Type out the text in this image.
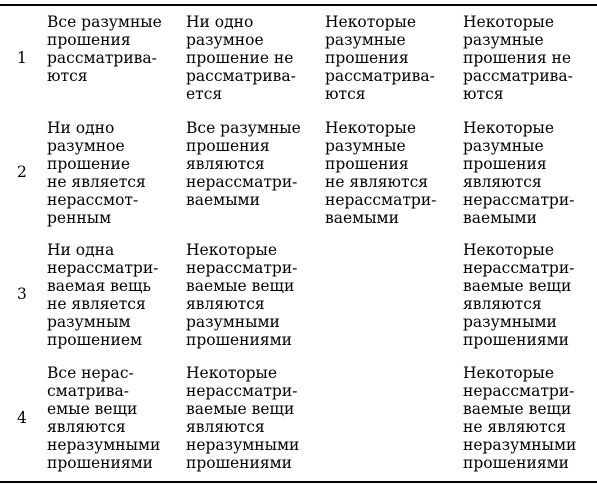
1
Все разумные
прошения
рассматрива-
ются
Ни одно
разумное
прошение не
рассматрива-
ется
Некоторые
разумные
прошения
рассматрива-
ются
Некоторые
разумные
прошения не
рассматрива-
ются
2
Ни одно
разумное
прошение
не является
нерассмот-
ренным
Все разумные
прошения
являются
нерассматри-
ваемыми
Некоторые
разумные
прошения
не являются
нерассматри-
ваемыми
Некоторые
разумные
прошения
являются
нерассматри-
ваемыми
3
Ни одна
нерассматри-
ваемая вещь
не является
разумным
прошением
Некоторые
нерассматри-
ваемые вещи
являются
разумными
прошениями
Некоторые
нерассматри-
ваемые вещи
являются
разумными
прошениями
4
Все нерас-
сматрива-
емые вещи
являются
неразумными
прошениями
Некоторые
нерассматри-
ваемые вещи
являются
неразумными
прошениями
Некоторые
нерассматри-
ваемые вещи
не являются
неразумными
прошениями
